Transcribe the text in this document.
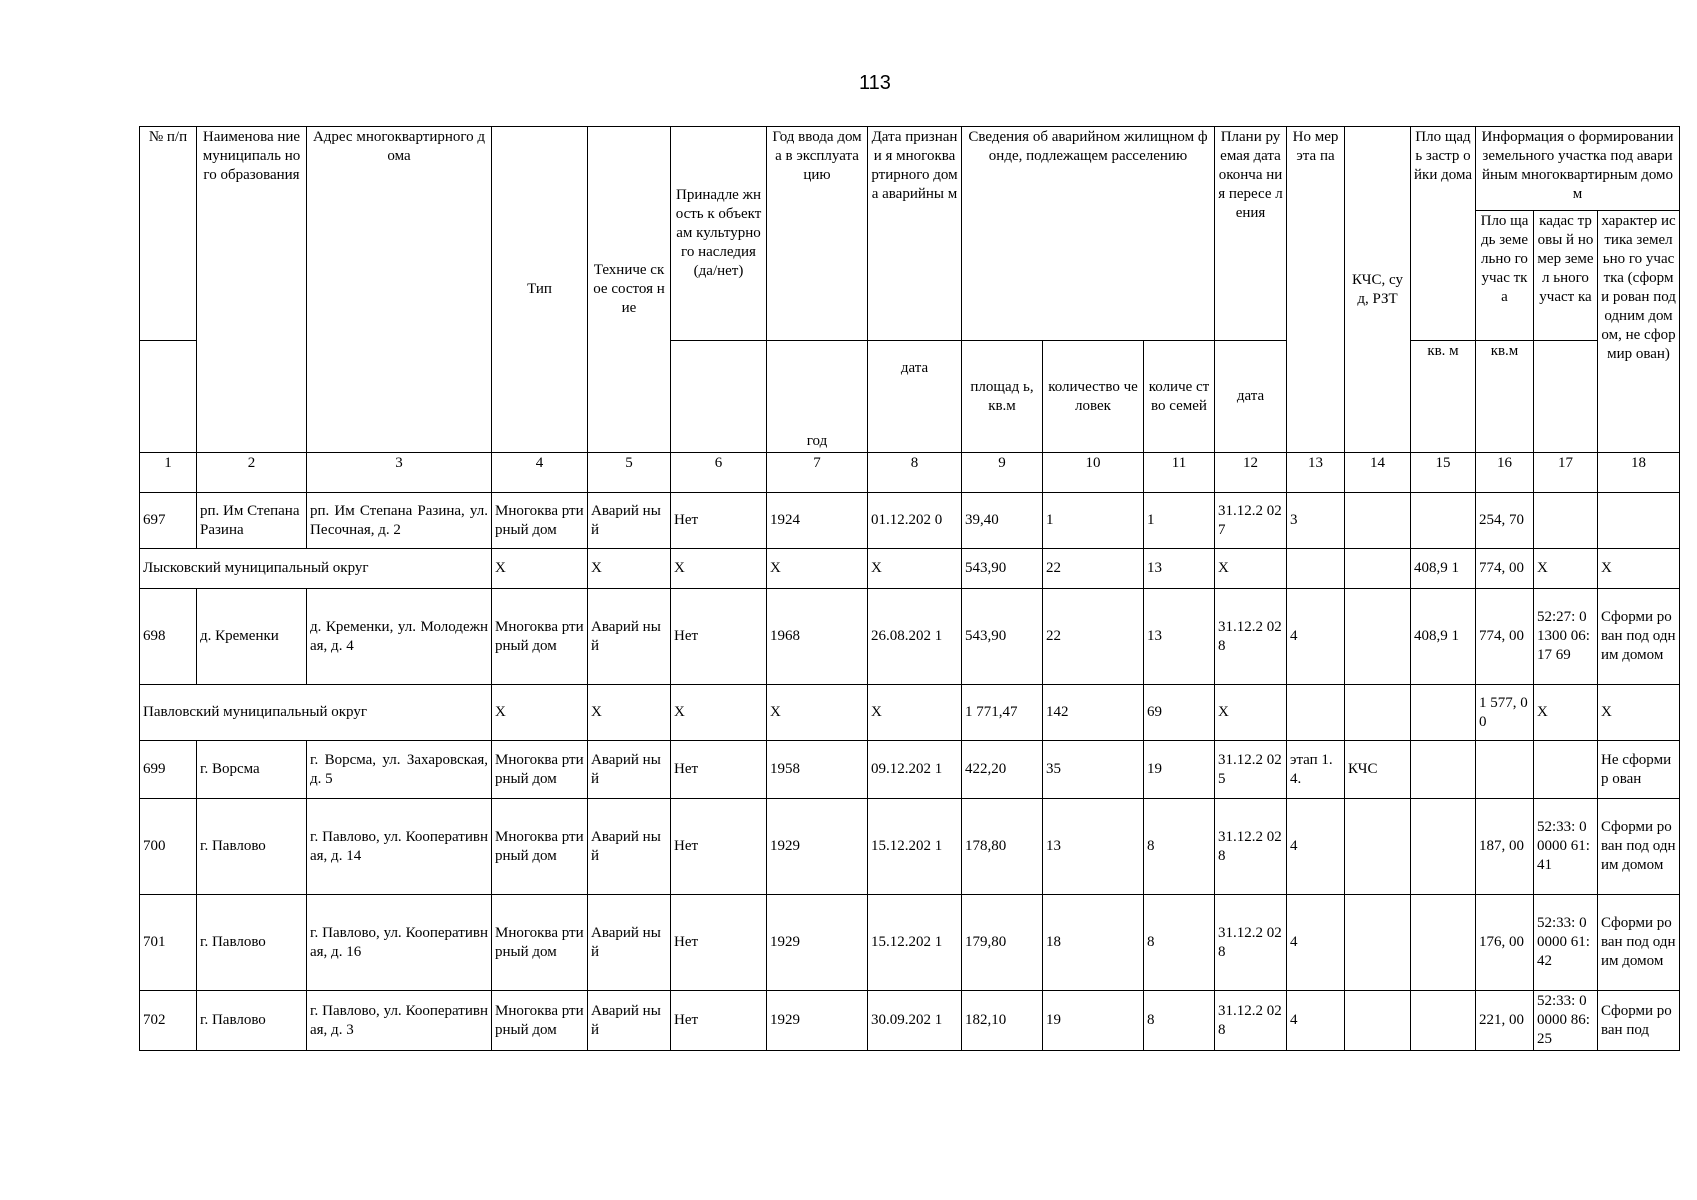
113
№ п/п	Наименова ние муниципаль ного образования	Адрес многоквартирного дома	Тип	Техниче ское состоя ние	Принадле жность к объектам культурно го наследия (да/нет)	Год ввода дома в эксплуата цию	Дата признани я многоква ртирного дома аварийны м	Сведения об аварийном жилищном фонде, подлежащем расселению			Плани руемая дата оконча ния пересе ления	Но мер эта па	КЧС, суд, РЗТ	Пло щадь застр ойки дома	Информация о формировании земельного участка под аварийным многоквартирным домом		
															Пло щадь земе льно го учас тка	кадас тровы й номер земел ьного участ ка	характер истика земельно го участка (сформи рован под одним домом, не сформир ован)
						год	дата	площад ь, кв.м	количество человек	количе ство семей	дата			кв. м	кв.м		
1	2	3	4	5	6	7	8	9	10	11	12	13	14	15	16	17	18
697	рп. Им Степана Разина	рп. Им Степана Разина, ул. Песочная, д. 2	Многоква ртирный дом	Аварий ный	Нет	1924	01.12.202 0	39,40	1	1	31.12.2 027	3			254, 70		
Лысковский муниципальный округ			X	X	X	X	X	543,90	22	13	X			408,9 1	774, 00	X	X
698	д. Кременки	д. Кременки, ул. Молодежная, д. 4	Многоква ртирный дом	Аварий ный	Нет	1968	26.08.202 1	543,90	22	13	31.12.2 028	4		408,9 1	774, 00	52:27: 01300 06:17 69	Сформи рован под одним домом
Павловский муниципальный округ			X	X	X	X	X	1 771,47	142	69	X				1 577, 00	X	X
699	г. Ворсма	г. Ворсма, ул. Захаровская, д. 5	Многоква ртирный дом	Аварий ный	Нет	1958	09.12.202 1	422,20	35	19	31.12.2 025	этап 1.4.	КЧС				Не сформир ован
700	г. Павлово	г. Павлово, ул. Кооперативная, д. 14	Многоква ртирный дом	Аварий ный	Нет	1929	15.12.202 1	178,80	13	8	31.12.2 028	4			187, 00	52:33: 00000 61:41	Сформи рован под одним домом
701	г. Павлово	г. Павлово, ул. Кооперативная, д. 16	Многоква ртирный дом	Аварий ный	Нет	1929	15.12.202 1	179,80	18	8	31.12.2 028	4			176, 00	52:33: 00000 61:42	Сформи рован под одним домом
702	г. Павлово	г. Павлово, ул. Кооперативная, д. 3	Многоква ртирный дом	Аварий ный	Нет	1929	30.09.202 1	182,10	19	8	31.12.2 028	4			221, 00	52:33: 00000 86:25	Сформи рован под
